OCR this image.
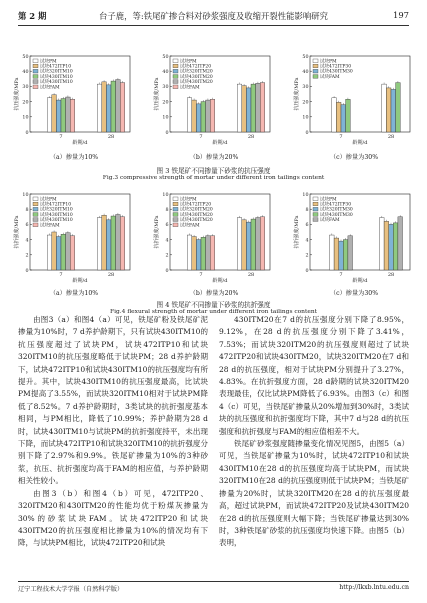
第 2 期	台子鹿，等:铁尾矿掺合料对砂浆强度及收缩开裂性能影响研究	197
0
10
20
30
40
50
抗压强度/MPa
7	28
龄期/d
试块PM
试块472ITP10
试块320ITM10
试块430ITM10
试块430ITM10
试块FAM
0
10
20
30
40
50
抗压强度/MPa
7	28
龄期/d
试块PM
试块472ITP20
试块320ITM20
试块430ITM20
试块430ITM20
试块FAM
0
10
20
30
40
50
抗压强度/MPa
7	28
龄期/d
试块PM
试块472ITP30
试块430ITM30
试块FAM
（a）掺量为10%	（b）掺量为20%	（c）掺量为30%
图 3 铁尾矿不同掺量下砂浆的抗压强度
Fig.3 compressive strength of mortar under different iron tailings content
0
2
4
6
8
10
抗折强度/MPa
7	28
龄期/d
试块PM
试块472ITP10
试块320ITM10
试块430ITM10
试块430ITM10
试块FAM
0
2
4
6
8
10
抗折强度/MPa
7	28
龄期/d
试块PM
试块472ITP20
试块320ITM20
试块430ITM20
试块430ITM20
试块FAM
0
2
4
6
8
10
抗折强度/MPa
7	28
龄期/d
试块PM
试块472ITP30
试块320ITM30
试块430ITM30
试块FAM
（a）掺量为10%	（b）掺量为20%	（c）掺量为30%
图 4 铁尾矿不同掺量下砂浆的抗折强度
Fig.4 flexural strength of mortar under different iron tailings content

由图3（a）和图4（a）可见，铁尾矿粉及铁尾矿泥掺量为10%时，7 d养护龄期下，只有试块430ITM10的抗压强度超过了试块PM，试块472ITP10和试块320ITM10的抗压强度略低于试块PM；28 d养护龄期下，试块472ITP10和试块430ITM10的抗压强度均有所提升。其中，试块430ITM10的抗压强度最高，比试块PM提高了3.55%，而试块320ITM10相对于试块PM降低了8.52%。7 d养护龄期时，3类试块的抗折强度基本相同，与PM相比，降低了10.99%；养护龄期为28 d时，试块430ITM10与试块PM的抗折强度持平，未出现下降，而试块472ITP10和试块320ITM10的抗折强度分别下降了2.97%和9.9%。铁尾矿掺量为10%的3种砂浆，抗压、抗折强度均高于FAM的相应值，与养护龄期相关性较小。

由图3（b）和图4（b）可见，472ITP20、320ITM20和430ITM20的性能均优于粉煤灰掺量为30%的砂浆试块FAM。试块472ITP20和试块430ITM20的抗压强度相比掺量为10%的情况均有下降，与试块PM相比，试块472ITP20和试块

430ITM20在7 d的抗压强度分别下降了8.95%，9.12%，在28 d的抗压强度分别下降了3.41%，7.53%；而试块320ITM20的抗压强度则超过了试块472ITP20和试块430ITM20，试块320ITM20在7 d和28 d的抗压强度，相对于试块PM分别提升了3.27%，4.83%。在抗折强度方面，28 d龄期的试块320ITM20表现最佳，仅比试块PM降低了6.93%。由图3（c）和图4（c）可见，当铁尾矿掺量从20%增加到30%时，3类试块的抗压强度和抗折强度均下降，其中7 d与28 d的抗压强度和抗折强度与FAM的相应值相差不大。

铁尾矿砂浆强度随掺量变化情况见图5，由图5（a）可见，当铁尾矿掺量为10%时，试块472ITP10和试块430ITM10在28 d的抗压强度均高于试块PM，而试块320ITM10在28 d的抗压强度则低于试块PM；当铁尾矿掺量为20%时，试块320ITM20在28 d的抗压强度最高，超过试块PM，而试块472ITP20及试块430ITM20在28 d的抗压强度则大幅下降；当铁尾矿掺量达到30%时，3种铁尾矿砂浆的抗压强度均快速下降。由图5（b）表明，

辽宁工程技术大学学报（自然科学版）	http://lkxb.lntu.edu.cn
